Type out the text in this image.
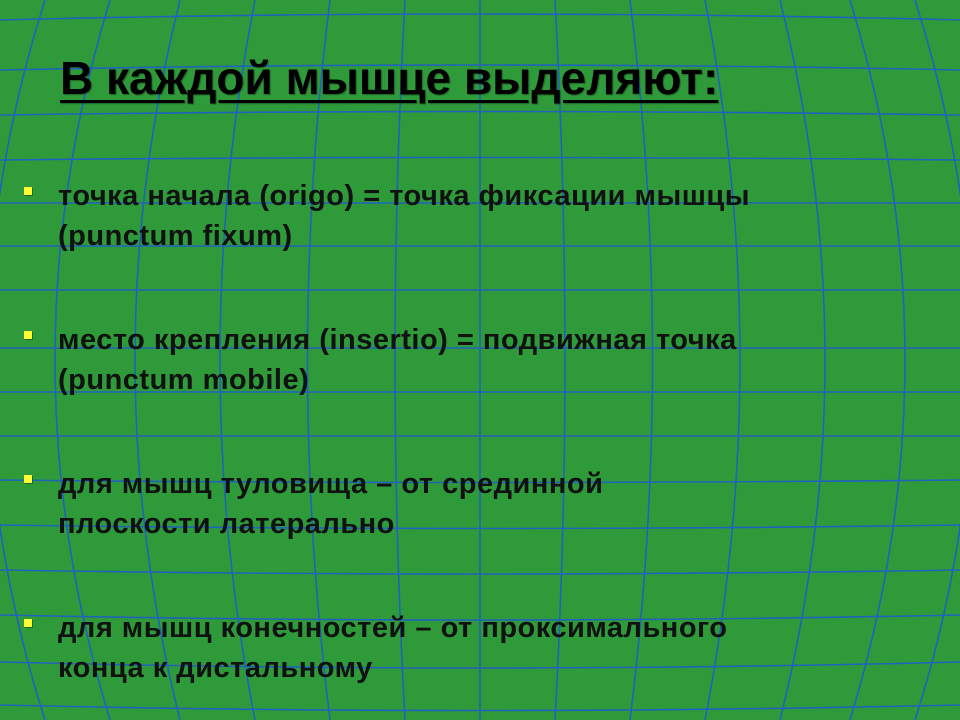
В каждой мышце выделяют:
точка начала (origo) = точка фиксации мышцы
(punctum fixum)
место крепления (insertio) = подвижная точка
(punctum mobile)
для мышц туловища – от срединной
плоскости латерально
для мышц конечностей – от проксимального
конца к дистальному
